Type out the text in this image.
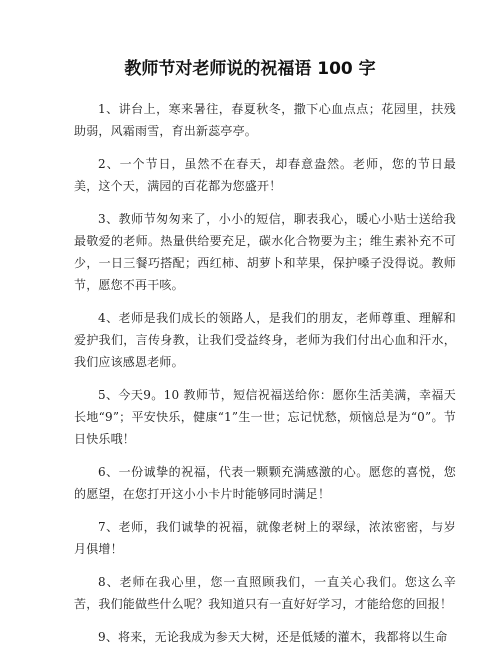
教师节对老师说的祝福语 100 字

1、讲台上，寒来暑往，春夏秋冬，撒下心血点点；花园里，扶残助弱，风霜雨雪，育出新蕊亭亭。

2、一个节日，虽然不在春天，却春意盎然。老师，您的节日最美，这个天，满园的百花都为您盛开！

3、教师节匆匆来了，小小的短信，聊表我心，暖心小贴士送给我最敬爱的老师。热量供给要充足，碳水化合物要为主；维生素补充不可少，一日三餐巧搭配；西红柿、胡萝卜和苹果，保护嗓子没得说。教师节，愿您不再干咳。

4、老师是我们成长的领路人，是我们的朋友，老师尊重、理解和爱护我们，言传身教，让我们受益终身，老师为我们付出心血和汗水，我们应该感恩老师。

5、今天9。10 教师节，短信祝福送给你：愿你生活美满，幸福天长地“9”；平安快乐，健康“1”生一世；忘记忧愁，烦恼总是为“0”。节日快乐哦！

6、一份诚挚的祝福，代表一颗颗充满感激的心。愿您的喜悦，您的愿望，在您打开这小小卡片时能够同时满足！

7、老师，我们诚挚的祝福，就像老树上的翠绿，浓浓密密，与岁月俱增！

8、老师在我心里，您一直照顾我们，一直关心我们。您这么辛苦，我们能做些什么呢？我知道只有一直好好学习，才能给您的回报！

9、将来，无论我成为参天大树，还是低矮的灌木，我都将以生命
